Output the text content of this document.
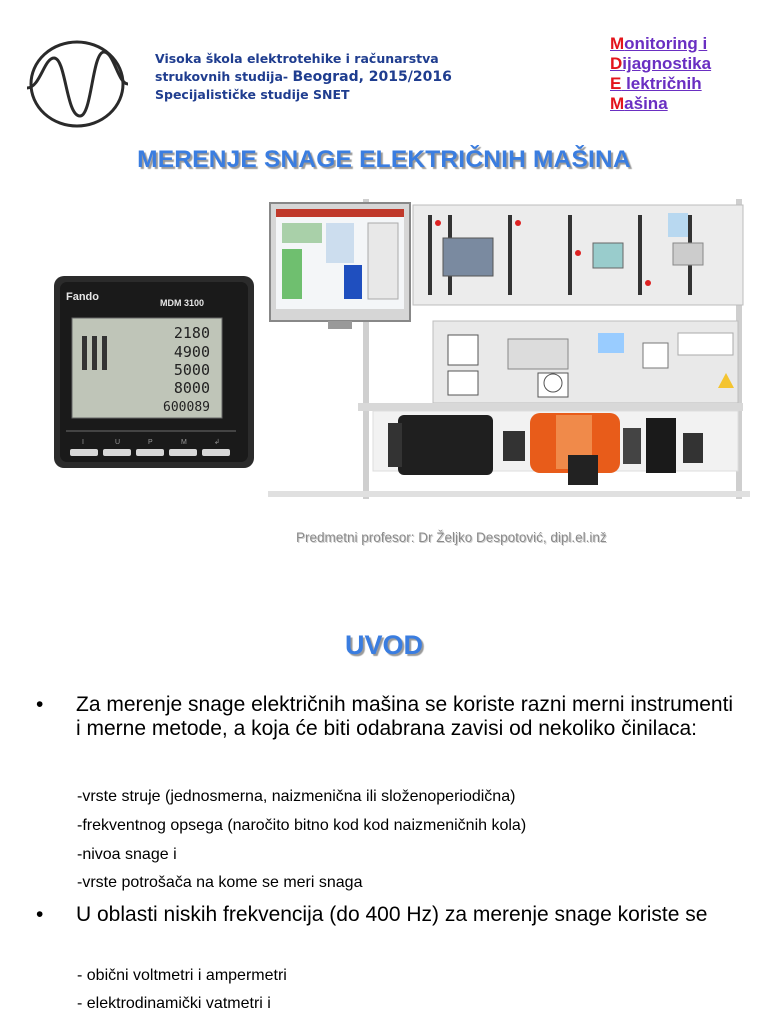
Visoka škola elektrotehike i računarstva
strukovnih studija- Beograd, 2015/2016
Specijalističke studije SNET
Monitoring i
Dijagnostika
E lektričnih
Mašina
MERENJE SNAGE ELEKTRIČNIH MAŠINA
Fando	MDM 3100
2180
4900
5000
8000
600089
I	U	P	M	↲
Predmetni profesor: Dr Željko Despotović, dipl.el.inž
UVOD
• Za merenje snage električnih mašina se koriste razni merni instrumenti i merne metode, a koja će biti odabrana zavisi od nekoliko činilaca:
-vrste struje (jednosmerna, naizmenična ili složenoperiodična)
-frekventnog opsega (naročito bitno kod kod naizmeničnih kola)
-nivoa snage i
-vrste potrošača na kome se meri snaga
• U oblasti niskih frekvencija (do 400 Hz) za merenje snage koriste se
- obični voltmetri i ampermetri
- elektrodinamički vatmetri i
